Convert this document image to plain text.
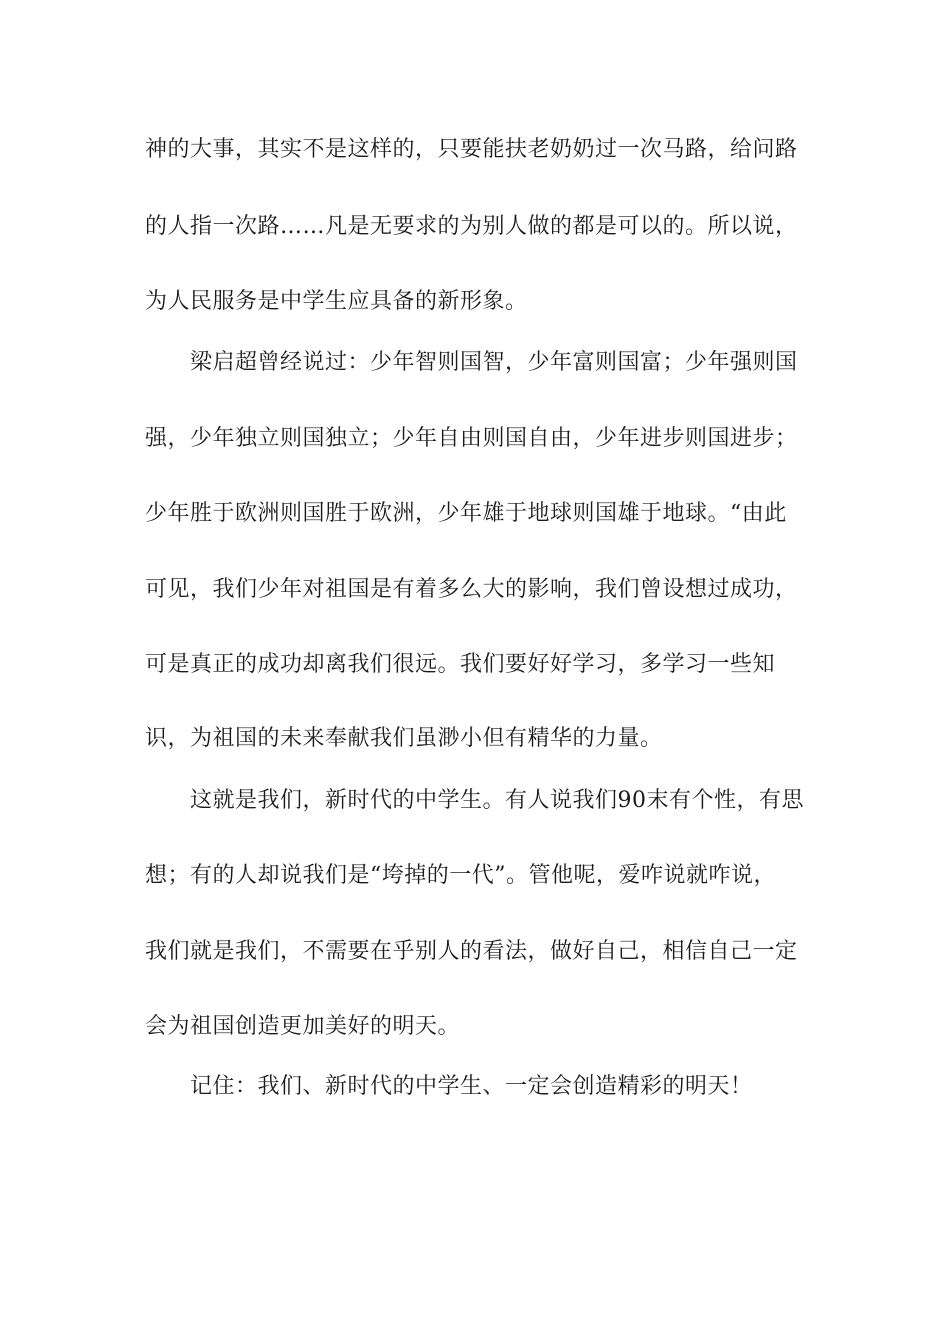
神的大事，其实不是这样的，只要能扶老奶奶过一次马路，给问路
的人指一次路……凡是无要求的为别人做的都是可以的。所以说，
为人民服务是中学生应具备的新形象。
梁启超曾经说过：少年智则国智，少年富则国富；少年强则国
强，少年独立则国独立；少年自由则国自由，少年进步则国进步；
少年胜于欧洲则国胜于欧洲，少年雄于地球则国雄于地球。“由此
可见，我们少年对祖国是有着多么大的影响，我们曾设想过成功，
可是真正的成功却离我们很远。我们要好好学习，多学习一些知
识，为祖国的未来奉献我们虽渺小但有精华的力量。
这就是我们，新时代的中学生。有人说我们90末有个性，有思
想；有的人却说我们是“垮掉的一代”。管他呢，爱咋说就咋说，
我们就是我们，不需要在乎别人的看法，做好自己，相信自己一定
会为祖国创造更加美好的明天。
记住：我们、新时代的中学生、一定会创造精彩的明天！
